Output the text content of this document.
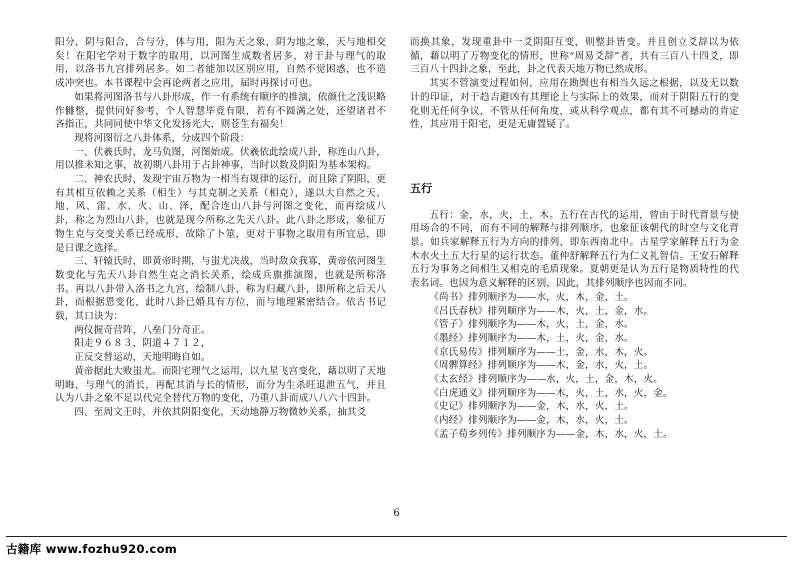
阳分，阴与阳合，合与分，体与用，阳为天之象，阴为地之象，天与地相交矣！在阳宅学对于数字的取用，以河图生成数者居多，对于卦与理气的取用，以洛书九宫排列居多。如二者能加以区别应用，自然不觉困惑，也不造成冲突也。本书课程中会再论两者之应用，届时再探讨可也。

如果将河图洛书与八卦形成，作一有系统有顺序的推演，依颜仕之浅识略作雠整，提供同好参考，个人智慧毕竟有限，若有不圆满之处，还望诸君不吝指正，共同同使中华文化发扬光大，则苍生有福矣！

现将河图衍之八卦体系，分成四个阶段：

一、伏羲氏时，龙马负图，河图始成。伏羲依此绘成八卦，称连山八卦，用以推未知之事，故初期八卦用于占卦神事，当时以数及阴阳为基本架构。

二、神农氏时，发现宇宙万物为一相当有规律的运行，而且除了阴阳，更有其相互依赖之关系（相生）与其克制之关系（相克），遂以大自然之天、地、风、雷、水、火、山、泽，配合连山八卦与河图之变化，而再绘成八卦，称之为烈山八卦，也就是现今所称之先天八卦。此八卦之形成，象征万物生克与交变关系已经成形，故除了卜筮，更对于事物之取用有所宜忌，即是日课之选择。

三、轩辕氏时，即黄帝时期，与蚩尤决战，当时敌众我寡，黄帝依河图生数变化与先天八卦自然生克之消长关系，绘成兵旗推演图，也就是所称洛书。再以八卦带入洛书之九宫，绘制八卦，称为归藏八卦，即所称之后天八卦，而根据恩变化，此时八卦已婚具有方位，而与地理紧密结合。依古书记载，其口诀为：

两仪握奇营阵，八垒门分奇正。

阳走９６８３，阴道４７１２，

正反交替运动，天地明晦自如。

黄帝据此大败蚩尤。而阳宅理气之运用，以九星飞宫变化，藉以明了天地明晦，与理气的消长，再配其消与长的情形，而分为生杀旺退泄五气，并且认为八卦之象不足以代完全替代万物的变化，乃重八卦而成八八六十四卦。

四、至周文王时，并依其阴阳变化，天动地静万物微妙关系，抽其爻

而换其象，发现重卦中一爻阴阳互变，则整卦皆变。并且创立爻辞以为依循，藉以明了万物变化的情形，世称“周易爻辞”者，共有三百八十四爻，即三百八十四卦之象，至此，卦之代表天地万物已然成形。

其实不管演变过程如何，应用在勘舆也有相当久远之根据，以及无以数计的印证，对于趋吉避凶有其理论上与实际上的效果，而对于阴阳五行的变化则无任何争议，不管从任何角度，或从科学观点，都有其不可撼动的肯定性，其应用于阳宅，更是无庸置疑了。

五行

五行：金，水，火，土，木。五行在古代的运用，曾由于时代背景与使用场合的不同，而有不同的解释与排列顺序，也象征该朝代的时空与文化背景。如兵家解释五行为方向的排列，即东西南北中。古星学家解释五行为金木水火土五大行星的运行状态。董仲舒解释五行为仁义礼智信。王安石解释五行为事务之间相生又相克的毛盾现象。夏朝更是认为五行是物质特性的代表名词。也因为意义解释的区别，因此，其排列顺序也因而不同。

《尚书》排列顺序为——水，火，木，金，土。

《吕氏春秋》排列顺序为——木，火，土，金，水。

《管子》排列顺序为——木，火，土，金，水。

《墨经》排列顺序为——木，土，火，金，水。

《京氏易传》排列顺序为——土，金，水，木，火。

《周髀算经》排列顺序为——木，金，水，火，土。

《太玄经》排列顺序为——水，火，土，金，木，火。

《白虎通义》排列顺序为——木，火，土，水，火，金。

《史记》排列顺序为——金，木，水，火，土。

《内经》排列顺序为——金，木，水，火，土。

《孟子荀乡列传》排列顺序为——金，木，水，火，土。

6
古籍库 www.fozhu920.com
